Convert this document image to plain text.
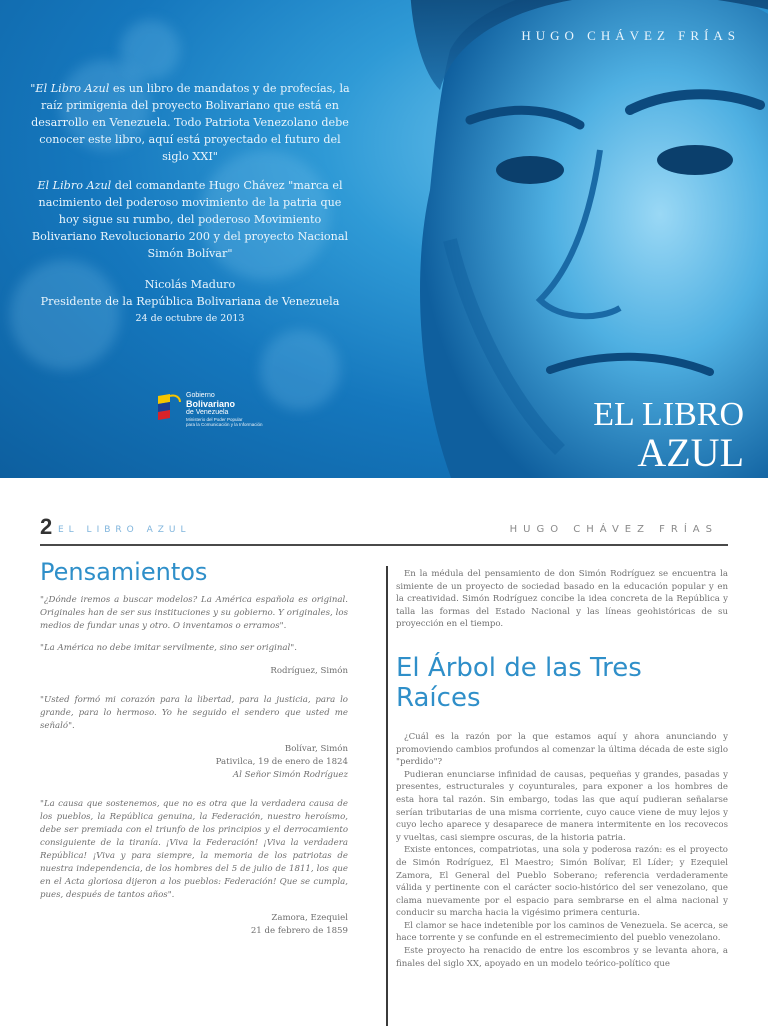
HUGO CHÁVEZ FRÍAS

"El Libro Azul es un libro de mandatos y de profecías, la raíz primigenia del proyecto Bolivariano que está en desarrollo en Venezuela. Todo Patriota Venezolano debe conocer este libro, aquí está proyectado el futuro del siglo XXI"

El Libro Azul del comandante Hugo Chávez "marca el nacimiento del poderoso movimiento de la patria que hoy sigue su rumbo, del poderoso Movimiento Bolivariano Revolucionario 200 y del proyecto Nacional Simón Bolívar"

Nicolás Maduro
Presidente de la República Bolivariana de Venezuela
24 de octubre de 2013
Gobierno
Bolivariano
de Venezuela
Ministerio del Poder Popular
para la Comunicación y la Información	EL LIBRO
AZUL
2 EL LIBRO AZUL	HUGO CHÁVEZ FRÍAS
Pensamientos

"¿Dónde iremos a buscar modelos? La América española es original. Originales han de ser sus instituciones y su gobierno. Y originales, los medios de fundar unas y otro. O inventamos o erramos".

"La América no debe imitar servilmente, sino ser original".

Rodríguez, Simón

"Usted formó mi corazón para la libertad, para la justicia, para lo grande, para lo hermoso. Yo he seguido el sendero que usted me señaló".

Bolívar, Simón

Pativilca, 19 de enero de 1824

Al Señor Simón Rodríguez

"La causa que sostenemos, que no es otra que la verdadera causa de los pueblos, la República genuina, la Federación, nuestro heroísmo, debe ser premiada con el triunfo de los principios y el derrocamiento consiguiente de la tiranía. ¡Viva la Federación! ¡Viva la verdadera República! ¡Viva y para siempre, la memoria de los patriotas de nuestra independencia, de los hombres del 5 de julio de 1811, los que en el Acta gloriosa dijeron a los pueblos: Federación! Que se cumpla, pues, después de tantos años".

Zamora, Ezequiel

21 de febrero de 1859

En la médula del pensamiento de don Simón Rodríguez se encuentra la simiente de un proyecto de sociedad basado en la educación popular y en la creatividad. Simón Rodríguez concibe la idea concreta de la República y talla las formas del Estado Nacional y las líneas geohistóricas de su proyección en el tiempo.

El Árbol de las Tres Raíces

¿Cuál es la razón por la que estamos aquí y ahora anunciando y promoviendo cambios profundos al comenzar la última década de este siglo "perdido"?

Pudieran enunciarse infinidad de causas, pequeñas y grandes, pasadas y presentes, estructurales y coyunturales, para exponer a los hombres de esta hora tal razón. Sin embargo, todas las que aquí pudieran señalarse serían tributarias de una misma corriente, cuyo cauce viene de muy lejos y cuyo lecho aparece y desaparece de manera intermitente en los recovecos y vueltas, casi siempre oscuras, de la historia patria.

Existe entonces, compatriotas, una sola y poderosa razón: es el proyecto de Simón Rodríguez, El Maestro; Simón Bolívar, El Líder; y Ezequiel Zamora, El General del Pueblo Soberano; referencia verdaderamente válida y pertinente con el carácter socio-histórico del ser venezolano, que clama nuevamente por el espacio para sembrarse en el alma nacional y conducir su marcha hacia la vigésimo primera centuria.

El clamor se hace indetenible por los caminos de Venezuela. Se acerca, se hace torrente y se confunde en el estremecimiento del pueblo venezolano.

Este proyecto ha renacido de entre los escombros y se levanta ahora, a finales del siglo XX, apoyado en un modelo teórico-político que
